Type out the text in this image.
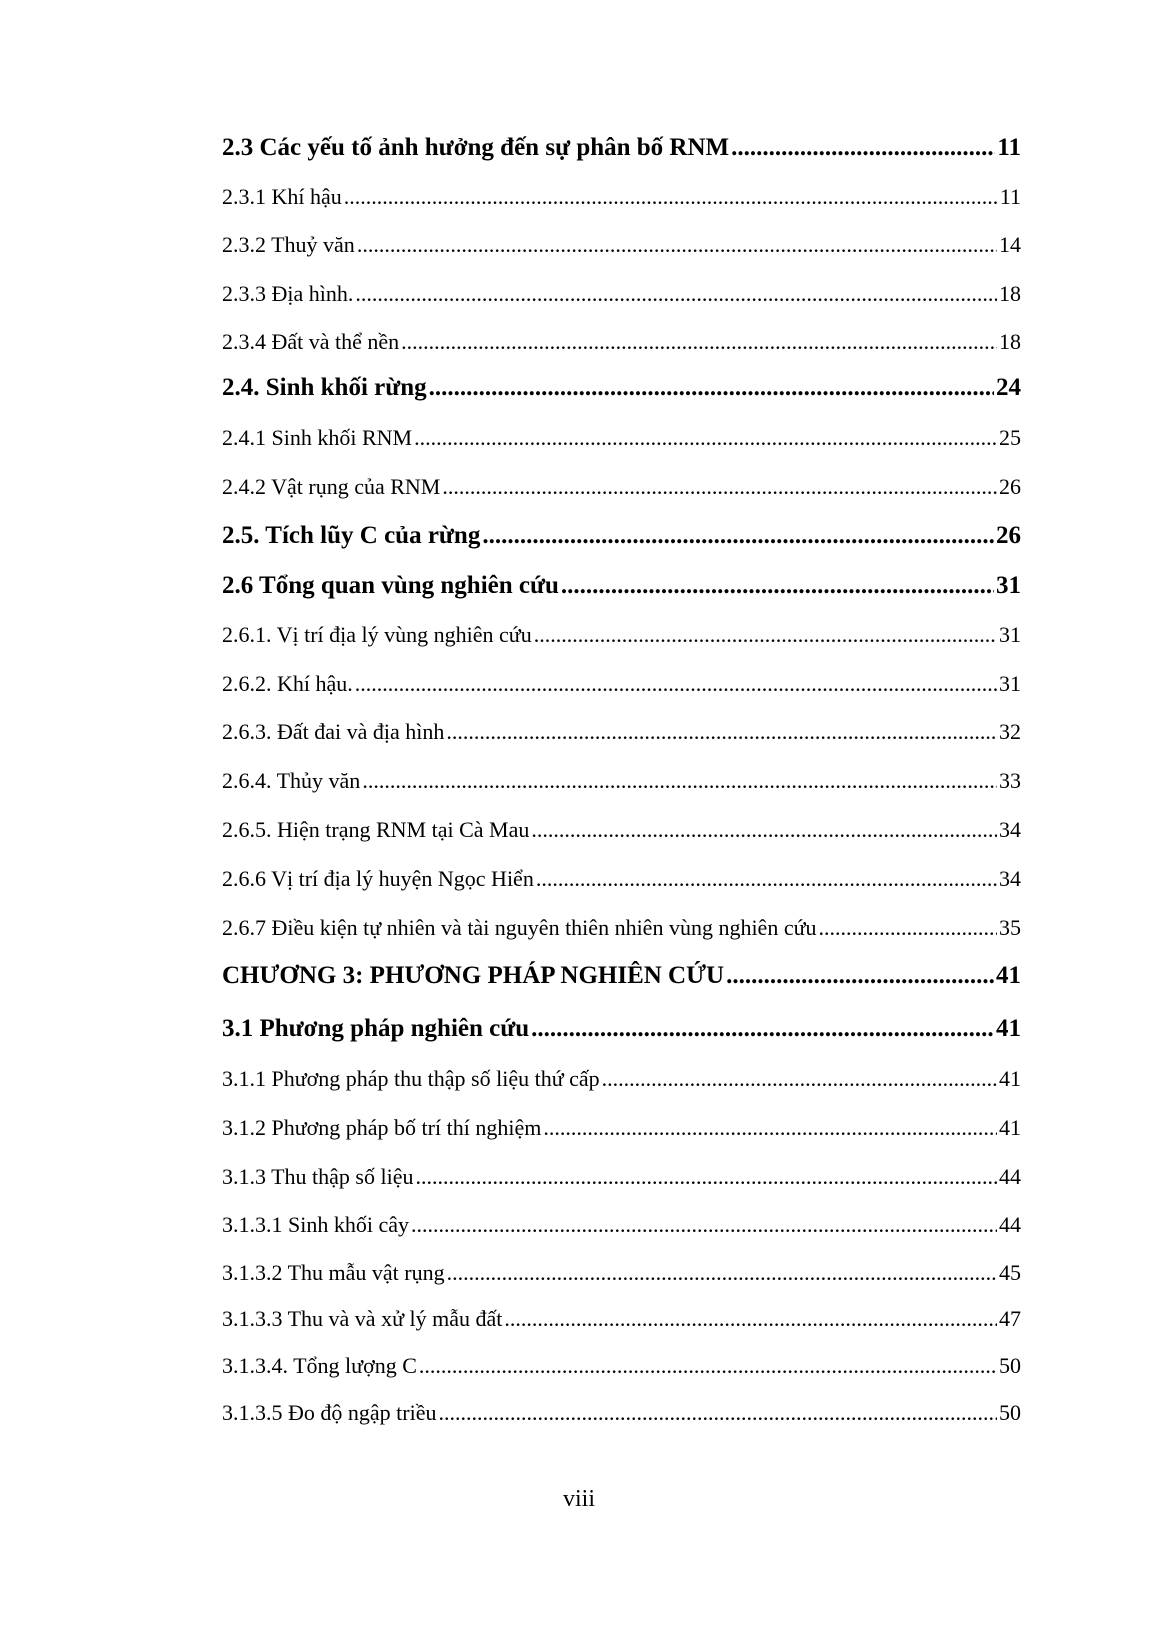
2.3 Các yếu tố ảnh hưởng đến sự phân bố RNM .....	11
2.3.1 Khí hậu .....	11
2.3.2 Thuỷ văn .....	14
2.3.3 Địa hình. .....	18
2.3.4 Đất và thể nền .....	18
2.4. Sinh khối rừng .....	24
2.4.1 Sinh khối RNM .....	25
2.4.2 Vật rụng của RNM .....	26
2.5. Tích lũy C của rừng .....	26
2.6 Tổng quan vùng nghiên cứu .....	31
2.6.1. Vị trí địa lý vùng nghiên cứu .....	31
2.6.2. Khí hậu. .....	31
2.6.3. Đất đai và địa hình .....	32
2.6.4. Thủy văn .....	33
2.6.5. Hiện trạng RNM tại Cà Mau .....	34
2.6.6 Vị trí địa lý huyện Ngọc Hiển .....	34
2.6.7 Điều kiện tự nhiên và tài nguyên thiên nhiên vùng nghiên cứu .....	35
CHƯƠNG 3: PHƯƠNG PHÁP NGHIÊN CỨU .....	41
3.1 Phương pháp nghiên cứu .....	41
3.1.1 Phương pháp thu thập số liệu thứ cấp .....	41
3.1.2 Phương pháp bố trí thí nghiệm .....	41
3.1.3 Thu thập số liệu .....	44
3.1.3.1 Sinh khối cây .....	44
3.1.3.2 Thu mẫu vật rụng .....	45
3.1.3.3 Thu và và xử lý mẫu đất .....	47
3.1.3.4. Tổng lượng C .....	50
3.1.3.5 Đo độ ngập triều .....	50
viii
